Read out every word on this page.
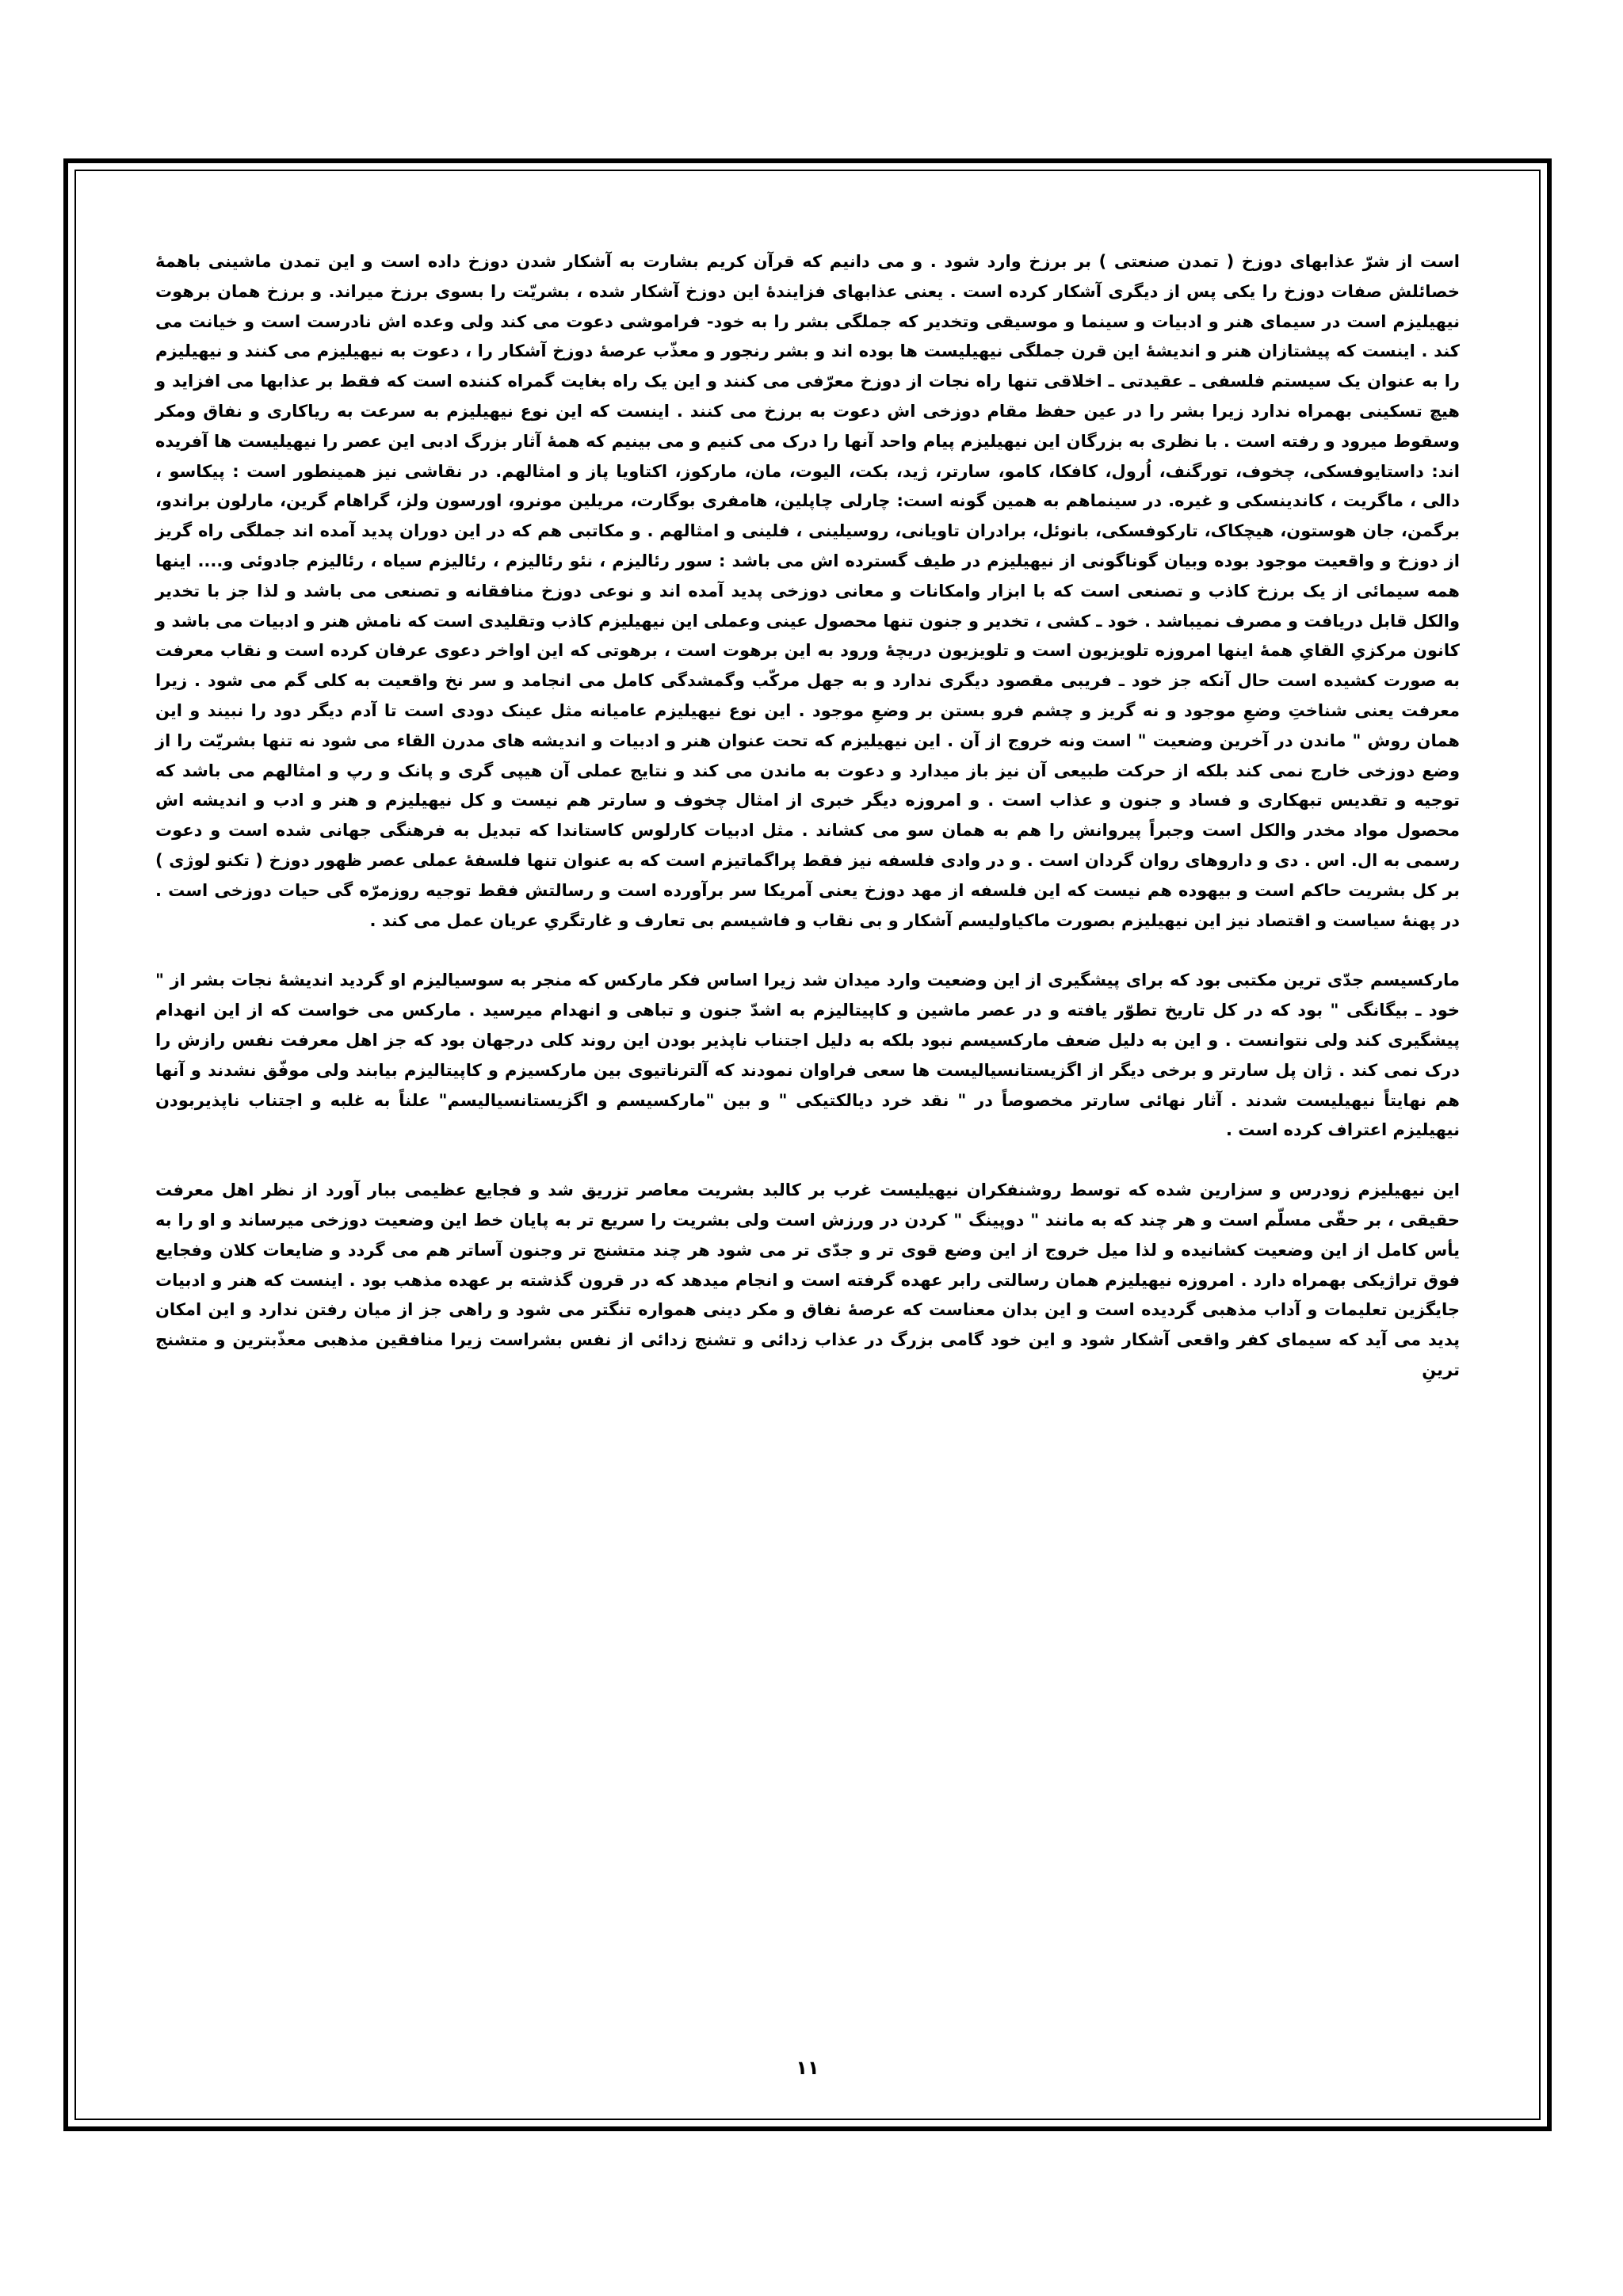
است از شرّ عذابهای دوزخ ( تمدن صنعتی ) بر برزخ وارد شود . و می دانیم که قرآن کریم بشارت به آشکار شدن دوزخ داده است و این تمدن ماشینی باهمهٔ خصائلش صفات دوزخ را یکی پس از دیگری آشکار کرده است . یعنی عذابهای فزایندهٔ این دوزخ آشکار شده ، بشریّت را بسوی برزخ میراند. و برزخ همان برهوت نیهیلیزم است در سیمای هنر و ادبیات و سینما و موسیقی وتخدیر که جملگی بشر را به خود- فراموشی دعوت می کند ولی وعده اش نادرست است و خیانت می کند . اینست که پیشتازان هنر و اندیشهٔ این قرن جملگی نیهیلیست ها بوده اند و بشر رنجور و معذّب عرصهٔ دوزخ آشکار را ، دعوت به نیهیلیزم می کنند و نیهیلیزم را به عنوان یک سیستم فلسفی ـ عقیدتی ـ اخلاقی تنها راه نجات از دوزخ معرّفی می کنند و این یک راه بغایت گمراه کننده است که فقط بر عذابها می افزاید و هیچ تسکینی بهمراه ندارد زیرا بشر را در عین حفظ مقام دوزخی اش دعوت به برزخ می کنند . اینست که این نوع نیهیلیزم به سرعت به ریاکاری و نفاق ومکر وسقوط میرود و رفته است . با نظری به بزرگان این نیهیلیزم پیام واحد آنها را درک می کنیم و می بینیم که همهٔ آثار بزرگ ادبی این عصر را نیهیلیست ها آفریده اند: داستایوفسکی، چخوف، تورگنف، اُرول، کافکا، کامو، سارتر، ژید، بکت، الیوت، مان، مارکوز، اکتاویا پاز و امثالهم. در نقاشی نیز همینطور است : پیکاسو ، دالی ، ماگریت ، کاندینسکی و غیره. در سینماهم به همین گونه است: چارلی چاپلین، هامفری بوگارت، مریلین مونرو، اورسون ولز، گراهام گرین، مارلون براندو، برگمن، جان هوستون، هیچکاک، تارکوفسکی، بانوئل، برادران تاویانی، روسیلینی ، فلینی و امثالهم . و مکاتبی هم که در این دوران پدید آمده اند جملگی راه گریز از دوزخ و واقعیت موجود بوده وبیان گوناگونی از نیهیلیزم در طیف گسترده اش می باشد : سور رئالیزم ، نئو رئالیزم ، رئالیزم سیاه ، رئالیزم جادوئی و.... اینها همه سیمائی از یک برزخ کاذب و تصنعی است که با ابزار وامکانات و معانی دوزخی پدید آمده اند و نوعی دوزخ منافقانه و تصنعی می باشد و لذا جز با تخدیر والکل قابل دریافت و مصرف نمیباشد . خود ـ کشی ، تخدیر و جنون تنها محصول عینی وعملی این نیهیلیزم کاذب وتقلیدی است که نامش هنر و ادبیات می باشد و کانون مرکزیِ القایِ همهٔ اینها امروزه تلویزیون است و تلویزیون دریچهٔ ورود به این برهوت است ، برهوتی که این اواخر دعوی عرفان کرده است و نقاب معرفت به صورت کشیده است حال آنکه جز خود ـ فریبی مقصود دیگری ندارد و به جهل مرکّب وگمشدگی کامل می انجامد و سر نخ واقعیت به کلی گم می شود . زیرا معرفت یعنی شناختِ وضعِ موجود و نه گریز و چشم فرو بستن بر وضعِ موجود . این نوع نیهیلیزم عامیانه مثل عینک دودی است تا آدم دیگر دود را نبیند و این همان روش " ماندن در آخرین وضعیت " است ونه خروج از آن . این نیهیلیزم که تحت عنوان هنر و ادبیات و اندیشه های مدرن القاء می شود نه تنها بشریّت را از وضع دوزخی خارج نمی کند بلکه از حرکت طبیعی آن نیز باز میدارد و دعوت به ماندن می کند و نتایج عملی آن هیپی گری و پانک و رپ و امثالهم می باشد که توجیه و تقدیس تبهکاری و فساد و جنون و عذاب است . و امروزه دیگر خبری از امثال چخوف و سارتر هم نیست و کل نیهیلیزم و هنر و ادب و اندیشه اش محصول مواد مخدر والکل است وجبراً پیروانش را هم به همان سو می کشاند . مثل ادبیات کارلوس کاستاندا که تبدیل به فرهنگی جهانی شده است و دعوت رسمی به ال. اس . دی و داروهای روان گردان است . و در وادی فلسفه نیز فقط پراگماتیزم است که به عنوان تنها فلسفهٔ عملی عصر ظهور دوزخ ( تکنو لوژی ) بر کل بشریت حاکم است و بیهوده هم نیست که این فلسفه از مهد دوزخ یعنی آمریکا سر برآورده است و رسالتش فقط توجیه روزمرّه گی حیات دوزخی است . در پهنهٔ سیاست و اقتصاد نیز این نیهیلیزم بصورت ماکیاولیسم آشکار و بی نقاب و فاشیسم بی تعارف و غارتگریِ عریان عمل می کند .

مارکسیسم جدّی ترین مکتبی بود که برای پیشگیری از این وضعیت وارد میدان شد زیرا اساس فکر مارکس که منجر به سوسیالیزم او گردید اندیشهٔ نجات بشر از " خود ـ بیگانگی " بود که در کل تاریخ تطوّر یافته و در عصر ماشین و کاپیتالیزم به اشدّ جنون و تباهی و انهدام میرسید . مارکس می خواست که از این انهدام پیشگیری کند ولی نتوانست . و این به دلیل ضعف مارکسیسم نبود بلکه به دلیل اجتناب ناپذیر بودن این روند کلی درجهان بود که جز اهل معرفت نفس رازش را درک نمی کند . ژان پل سارتر و برخی دیگر از اگزیستانسیالیست ها سعی فراوان نمودند که آلترناتیوی بین مارکسیزم و کاپیتالیزم بیابند ولی موفّق نشدند و آنها هم نهایتاً نیهیلیست شدند . آثار نهائی سارتر مخصوصاً در " نقد خرد دیالکتیکی " و بین "مارکسیسم و اگزیستانسیالیسم" علناً به غلبه و اجتناب ناپذیربودن نیهیلیزم اعتراف کرده است .

این نیهیلیزم زودرس و سزارین شده که توسط روشنفکران نیهیلیست غرب بر کالبد بشریت معاصر تزریق شد و فجایع عظیمی ببار آورد از نظر اهل معرفت حقیقی ، بر حقّی مسلّم است و هر چند که به مانند " دوپینگ " کردن در ورزش است ولی بشریت را سریع تر به پایان خط این وضعیت دوزخی میرساند و او را به یأس کامل از این وضعیت کشانیده و لذا میل خروج از این وضع قوی تر و جدّی تر می شود هر چند متشنج تر وجنون آساتر هم می گردد و ضایعات کلان وفجایع فوق تراژیکی بهمراه دارد . امروزه نیهیلیزم همان رسالتی رابر عهده گرفته است و انجام میدهد که در قرون گذشته بر عهده مذهب بود . اینست که هنر و ادبیات جایگزین تعلیمات و آداب مذهبی گردیده است و این بدان معناست که عرصهٔ نفاق و مکر دینی همواره تنگتر می شود و راهی جز از میان رفتن ندارد و این امکان پدید می آید که سیمای کفر واقعی آشکار شود و این خود گامی بزرگ در عذاب زدائی و تشنج زدائی از نفس بشراست زیرا منافقین مذهبی معذّبترین و متشنج ترینِ

۱۱
